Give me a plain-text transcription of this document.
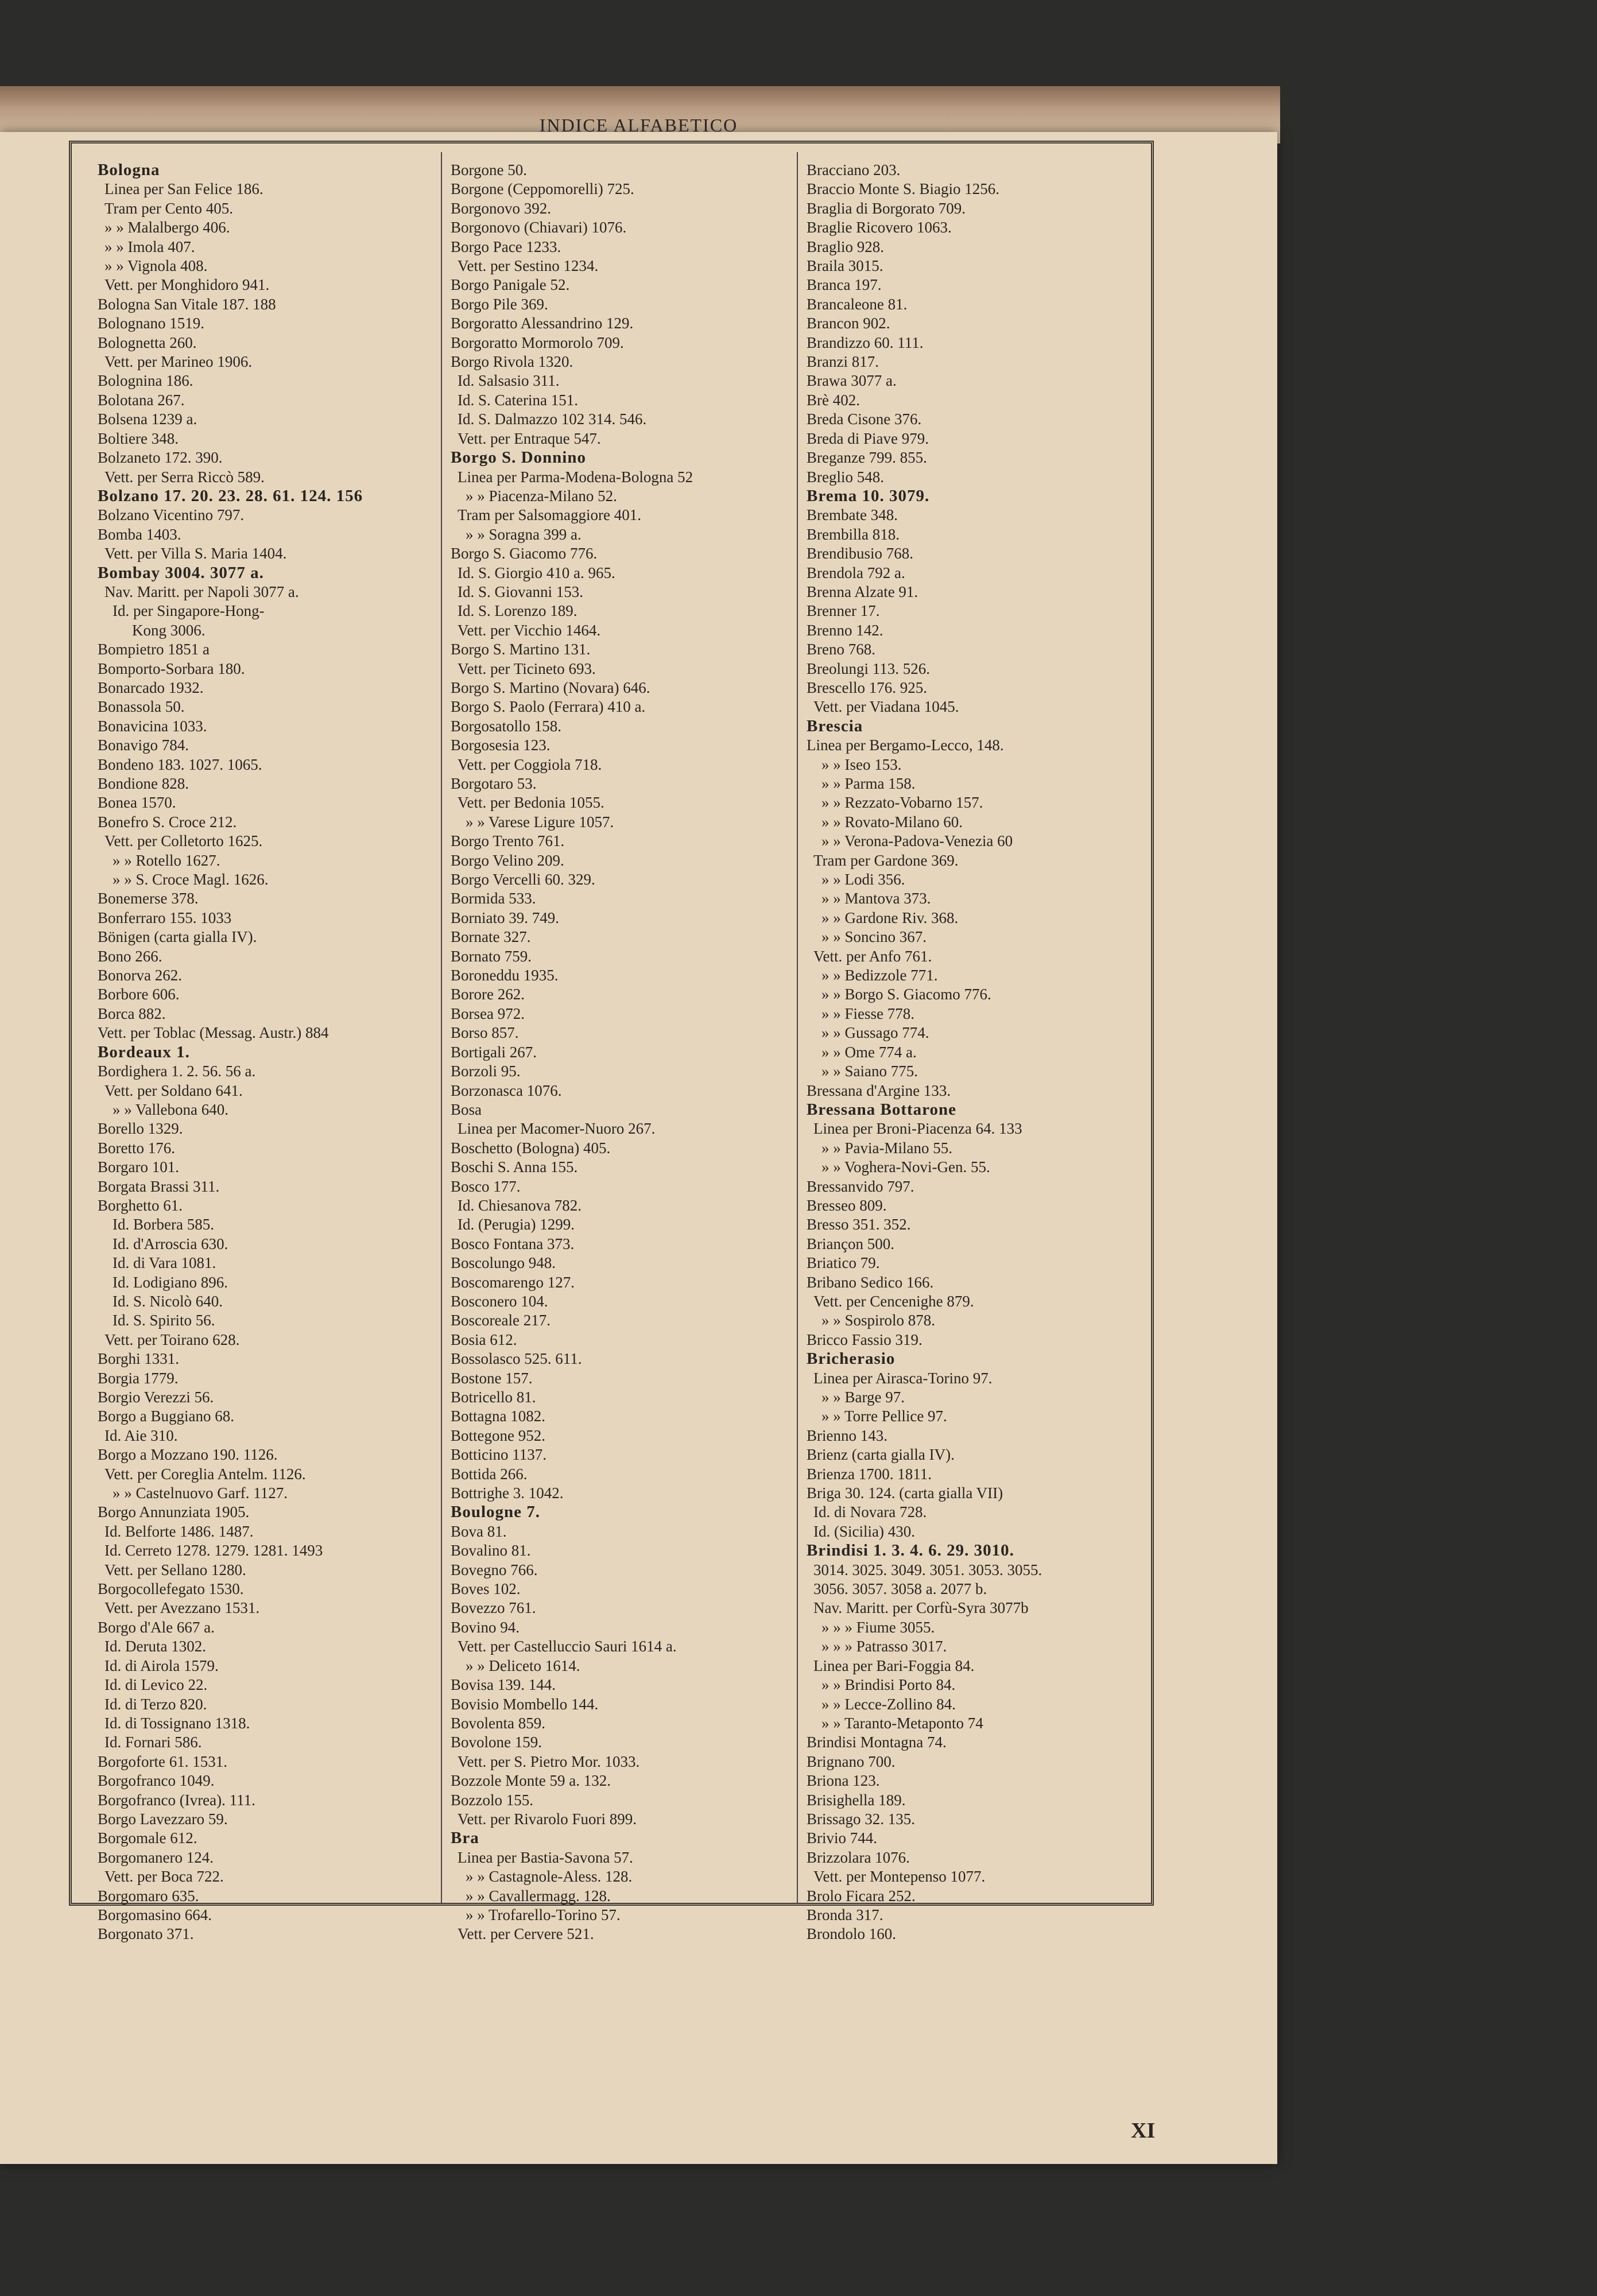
INDICE ALFABETICO
Bologna
Linea per San Felice 186.
Tram per Cento 405.
» » Malalbergo 406.
» » Imola 407.
» » Vignola 408.
Vett. per Monghidoro 941.
Bologna San Vitale 187. 188
Bolognano 1519.
Bolognetta 260.
Vett. per Marineo 1906.
Bolognina 186.
Bolotana 267.
Bolsena 1239 a.
Boltiere 348.
Bolzaneto 172. 390.
Vett. per Serra Riccò 589.
Bolzano 17. 20. 23. 28. 61. 124. 156
Bolzano Vicentino 797.
Bomba 1403.
Vett. per Villa S. Maria 1404.
Bombay 3004. 3077 a.
Nav. Maritt. per Napoli 3077 a.
Id. per Singapore-Hong-
Kong 3006.
Bompietro 1851 a
Bomporto-Sorbara 180.
Bonarcado 1932.
Bonassola 50.
Bonavicina 1033.
Bonavigo 784.
Bondeno 183. 1027. 1065.
Bondione 828.
Bonea 1570.
Bonefro S. Croce 212.
Vett. per Colletorto 1625.
» » Rotello 1627.
» » S. Croce Magl. 1626.
Bonemerse 378.
Bonferraro 155. 1033
Bönigen (carta gialla IV).
Bono 266.
Bonorva 262.
Borbore 606.
Borca 882.
Vett. per Toblac (Messag. Austr.) 884
Bordeaux 1.
Bordighera 1. 2. 56. 56 a.
Vett. per Soldano 641.
» » Vallebona 640.
Borello 1329.
Boretto 176.
Borgaro 101.
Borgata Brassi 311.
Borghetto 61.
Id. Borbera 585.
Id. d'Arroscia 630.
Id. di Vara 1081.
Id. Lodigiano 896.
Id. S. Nicolò 640.
Id. S. Spirito 56.
Vett. per Toirano 628.
Borghi 1331.
Borgia 1779.
Borgio Verezzi 56.
Borgo a Buggiano 68.
Id. Aie 310.
Borgo a Mozzano 190. 1126.
Vett. per Coreglia Antelm. 1126.
» » Castelnuovo Garf. 1127.
Borgo Annunziata 1905.
Id. Belforte 1486. 1487.
Id. Cerreto 1278. 1279. 1281. 1493
Vett. per Sellano 1280.
Borgocollefegato 1530.
Vett. per Avezzano 1531.
Borgo d'Ale 667 a.
Id. Deruta 1302.
Id. di Airola 1579.
Id. di Levico 22.
Id. di Terzo 820.
Id. di Tossignano 1318.
Id. Fornari 586.
Borgoforte 61. 1531.
Borgofranco 1049.
Borgofranco (Ivrea). 111.
Borgo Lavezzaro 59.
Borgomale 612.
Borgomanero 124.
Vett. per Boca 722.
Borgomaro 635.
Borgomasino 664.
Borgonato 371.
Borgone 50.
Borgone (Ceppomorelli) 725.
Borgonovo 392.
Borgonovo (Chiavari) 1076.
Borgo Pace 1233.
Vett. per Sestino 1234.
Borgo Panigale 52.
Borgo Pile 369.
Borgoratto Alessandrino 129.
Borgoratto Mormorolo 709.
Borgo Rivola 1320.
Id. Salsasio 311.
Id. S. Caterina 151.
Id. S. Dalmazzo 102 314. 546.
Vett. per Entraque 547.
Borgo S. Donnino
Linea per Parma-Modena-Bologna 52
» » Piacenza-Milano 52.
Tram per Salsomaggiore 401.
» » Soragna 399 a.
Borgo S. Giacomo 776.
Id. S. Giorgio 410 a. 965.
Id. S. Giovanni 153.
Id. S. Lorenzo 189.
Vett. per Vicchio 1464.
Borgo S. Martino 131.
Vett. per Ticineto 693.
Borgo S. Martino (Novara) 646.
Borgo S. Paolo (Ferrara) 410 a.
Borgosatollo 158.
Borgosesia 123.
Vett. per Coggiola 718.
Borgotaro 53.
Vett. per Bedonia 1055.
» » Varese Ligure 1057.
Borgo Trento 761.
Borgo Velino 209.
Borgo Vercelli 60. 329.
Bormida 533.
Borniato 39. 749.
Bornate 327.
Bornato 759.
Boroneddu 1935.
Borore 262.
Borsea 972.
Borso 857.
Bortigali 267.
Borzoli 95.
Borzonasca 1076.
Bosa
Linea per Macomer-Nuoro 267.
Boschetto (Bologna) 405.
Boschi S. Anna 155.
Bosco 177.
Id. Chiesanova 782.
Id. (Perugia) 1299.
Bosco Fontana 373.
Boscolungo 948.
Boscomarengo 127.
Bosconero 104.
Boscoreale 217.
Bosia 612.
Bossolasco 525. 611.
Bostone 157.
Botricello 81.
Bottagna 1082.
Bottegone 952.
Botticino 1137.
Bottida 266.
Bottrighe 3. 1042.
Boulogne 7.
Bova 81.
Bovalino 81.
Bovegno 766.
Boves 102.
Bovezzo 761.
Bovino 94.
Vett. per Castelluccio Sauri 1614 a.
» » Deliceto 1614.
Bovisa 139. 144.
Bovisio Mombello 144.
Bovolenta 859.
Bovolone 159.
Vett. per S. Pietro Mor. 1033.
Bozzole Monte 59 a. 132.
Bozzolo 155.
Vett. per Rivarolo Fuori 899.
Bra
Linea per Bastia-Savona 57.
» » Castagnole-Aless. 128.
» » Cavallermagg. 128.
» » Trofarello-Torino 57.
Vett. per Cervere 521.
Bracciano 203.
Braccio Monte S. Biagio 1256.
Braglia di Borgorato 709.
Braglie Ricovero 1063.
Braglio 928.
Braila 3015.
Branca 197.
Brancaleone 81.
Brancon 902.
Brandizzo 60. 111.
Branzi 817.
Brawa 3077 a.
Brè 402.
Breda Cisone 376.
Breda di Piave 979.
Breganze 799. 855.
Breglio 548.
Brema 10. 3079.
Brembate 348.
Brembilla 818.
Brendibusio 768.
Brendola 792 a.
Brenna Alzate 91.
Brenner 17.
Brenno 142.
Breno 768.
Breolungi 113. 526.
Brescello 176. 925.
Vett. per Viadana 1045.
Brescia
Linea per Bergamo-Lecco, 148.
» » Iseo 153.
» » Parma 158.
» » Rezzato-Vobarno 157.
» » Rovato-Milano 60.
» » Verona-Padova-Venezia 60
Tram per Gardone 369.
» » Lodi 356.
» » Mantova 373.
» » Gardone Riv. 368.
» » Soncino 367.
Vett. per Anfo 761.
» » Bedizzole 771.
» » Borgo S. Giacomo 776.
» » Fiesse 778.
» » Gussago 774.
» » Ome 774 a.
» » Saiano 775.
Bressana d'Argine 133.
Bressana Bottarone
Linea per Broni-Piacenza 64. 133
» » Pavia-Milano 55.
» » Voghera-Novi-Gen. 55.
Bressanvido 797.
Bresseo 809.
Bresso 351. 352.
Briançon 500.
Briatico 79.
Bribano Sedico 166.
Vett. per Cencenighe 879.
» » Sospirolo 878.
Bricco Fassio 319.
Bricherasio
Linea per Airasca-Torino 97.
» » Barge 97.
» » Torre Pellice 97.
Brienno 143.
Brienz (carta gialla IV).
Brienza 1700. 1811.
Briga 30. 124. (carta gialla VII)
Id. di Novara 728.
Id. (Sicilia) 430.
Brindisi 1. 3. 4. 6. 29. 3010.
3014. 3025. 3049. 3051. 3053. 3055.
3056. 3057. 3058 a. 2077 b.
Nav. Maritt. per Corfù-Syra 3077b
» » » Fiume 3055.
» » » Patrasso 3017.
Linea per Bari-Foggia 84.
» » Brindisi Porto 84.
» » Lecce-Zollino 84.
» » Taranto-Metaponto 74
Brindisi Montagna 74.
Brignano 700.
Briona 123.
Brisighella 189.
Brissago 32. 135.
Brivio 744.
Brizzolara 1076.
Vett. per Montepenso 1077.
Brolo Ficara 252.
Bronda 317.
Brondolo 160.
XI
